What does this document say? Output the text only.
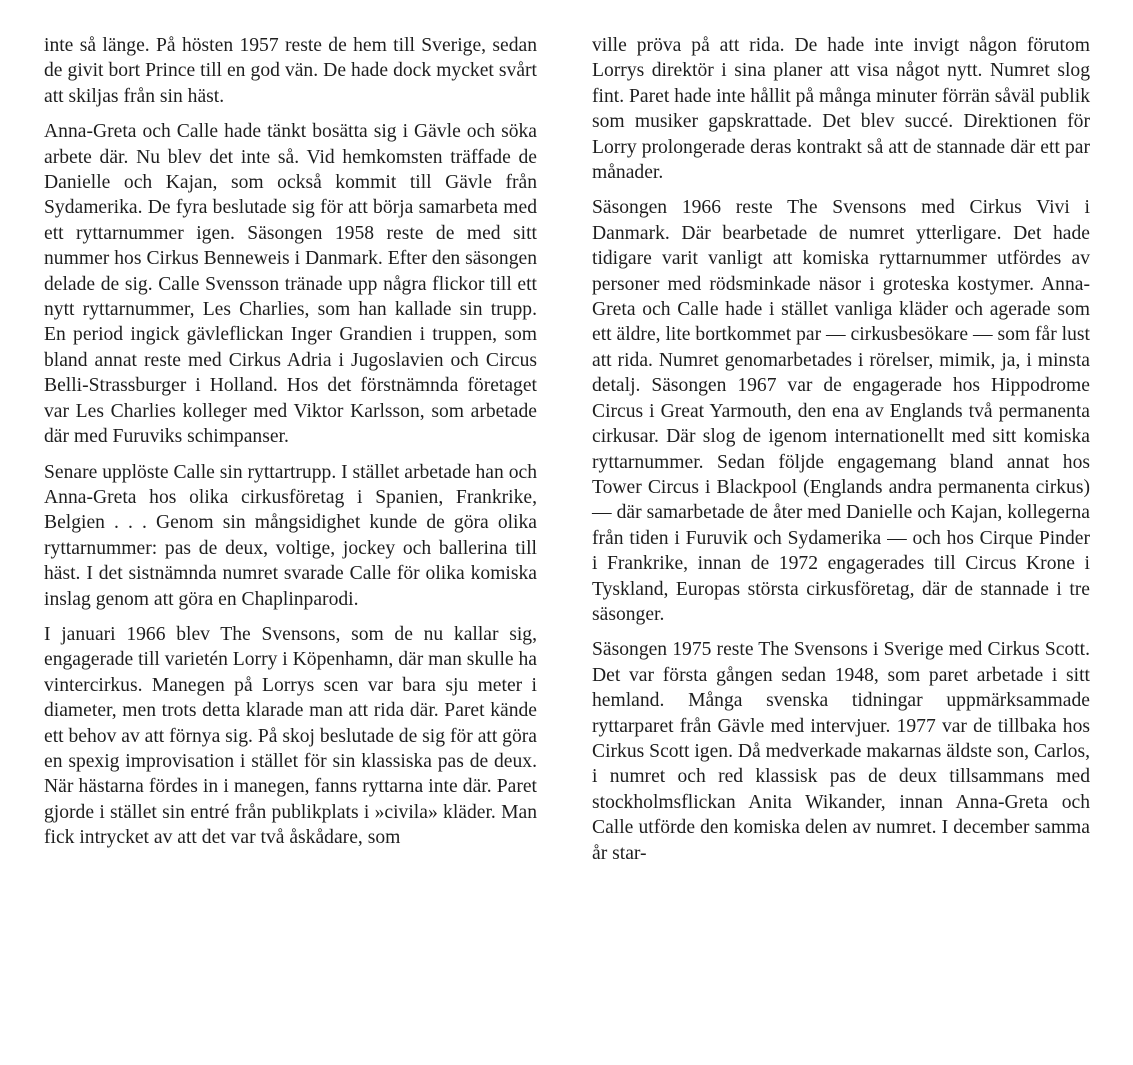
inte så länge. På hösten 1957 reste de hem till Sverige, sedan de givit bort Prince till en god vän. De hade dock mycket svårt att skiljas från sin häst.

Anna-Greta och Calle hade tänkt bosätta sig i Gävle och söka arbete där. Nu blev det inte så. Vid hemkomsten träffade de Danielle och Kajan, som också kommit till Gävle från Sydamerika. De fyra beslutade sig för att börja samarbeta med ett ryttarnummer igen. Säsongen 1958 reste de med sitt nummer hos Cirkus Benneweis i Danmark. Efter den säsongen delade de sig. Calle Svensson tränade upp några flickor till ett nytt ryttarnummer, Les Charlies, som han kallade sin trupp. En period ingick gävleflickan Inger Grandien i truppen, som bland annat reste med Cirkus Adria i Jugoslavien och Circus Belli-Strassburger i Holland. Hos det förstnämnda företaget var Les Charlies kolleger med Viktor Karlsson, som arbetade där med Furuviks schimpanser.

Senare upplöste Calle sin ryttartrupp. I stället arbetade han och Anna-Greta hos olika cirkusföretag i Spanien, Frankrike, Belgien . . . Genom sin mångsidighet kunde de göra olika ryttarnummer: pas de deux, voltige, jockey och ballerina till häst. I det sistnämnda numret svarade Calle för olika komiska inslag genom att göra en Chaplinparodi.

I januari 1966 blev The Svensons, som de nu kallar sig, engagerade till varietén Lorry i Köpenhamn, där man skulle ha vintercirkus. Manegen på Lorrys scen var bara sju meter i diameter, men trots detta klarade man att rida där. Paret kände ett behov av att förnya sig. På skoj beslutade de sig för att göra en spexig improvisation i stället för sin klassiska pas de deux. När hästarna fördes in i manegen, fanns ryttarna inte där. Paret gjorde i stället sin entré från publikplats i »civila» kläder. Man fick intrycket av att det var två åskådare, som

ville pröva på att rida. De hade inte invigt någon förutom Lorrys direktör i sina planer att visa något nytt. Numret slog fint. Paret hade inte hållit på många minuter förrän såväl publik som musiker gapskrattade. Det blev succé. Direktionen för Lorry prolongerade deras kontrakt så att de stannade där ett par månader.

Säsongen 1966 reste The Svensons med Cirkus Vivi i Danmark. Där bearbetade de numret ytterligare. Det hade tidigare varit vanligt att komiska ryttarnummer utfördes av personer med rödsminkade näsor i groteska kostymer. Anna-Greta och Calle hade i stället vanliga kläder och agerade som ett äldre, lite bortkommet par — cirkusbesökare — som får lust att rida. Numret genomarbetades i rörelser, mimik, ja, i minsta detalj. Säsongen 1967 var de engagerade hos Hippodrome Circus i Great Yarmouth, den ena av Englands två permanenta cirkusar. Där slog de igenom internationellt med sitt komiska ryttarnummer. Sedan följde engagemang bland annat hos Tower Circus i Blackpool (Englands andra permanenta cirkus) — där samarbetade de åter med Danielle och Kajan, kollegerna från tiden i Furuvik och Sydamerika — och hos Cirque Pinder i Frankrike, innan de 1972 engagerades till Circus Krone i Tyskland, Europas största cirkusföretag, där de stannade i tre säsonger.

Säsongen 1975 reste The Svensons i Sverige med Cirkus Scott. Det var första gången sedan 1948, som paret arbetade i sitt hemland. Många svenska tidningar uppmärksammade ryttarparet från Gävle med intervjuer. 1977 var de tillbaka hos Cirkus Scott igen. Då medverkade makarnas äldste son, Carlos, i numret och red klassisk pas de deux tillsammans med stockholmsflickan Anita Wikander, innan Anna-Greta och Calle utförde den komiska delen av numret. I december samma år star-
